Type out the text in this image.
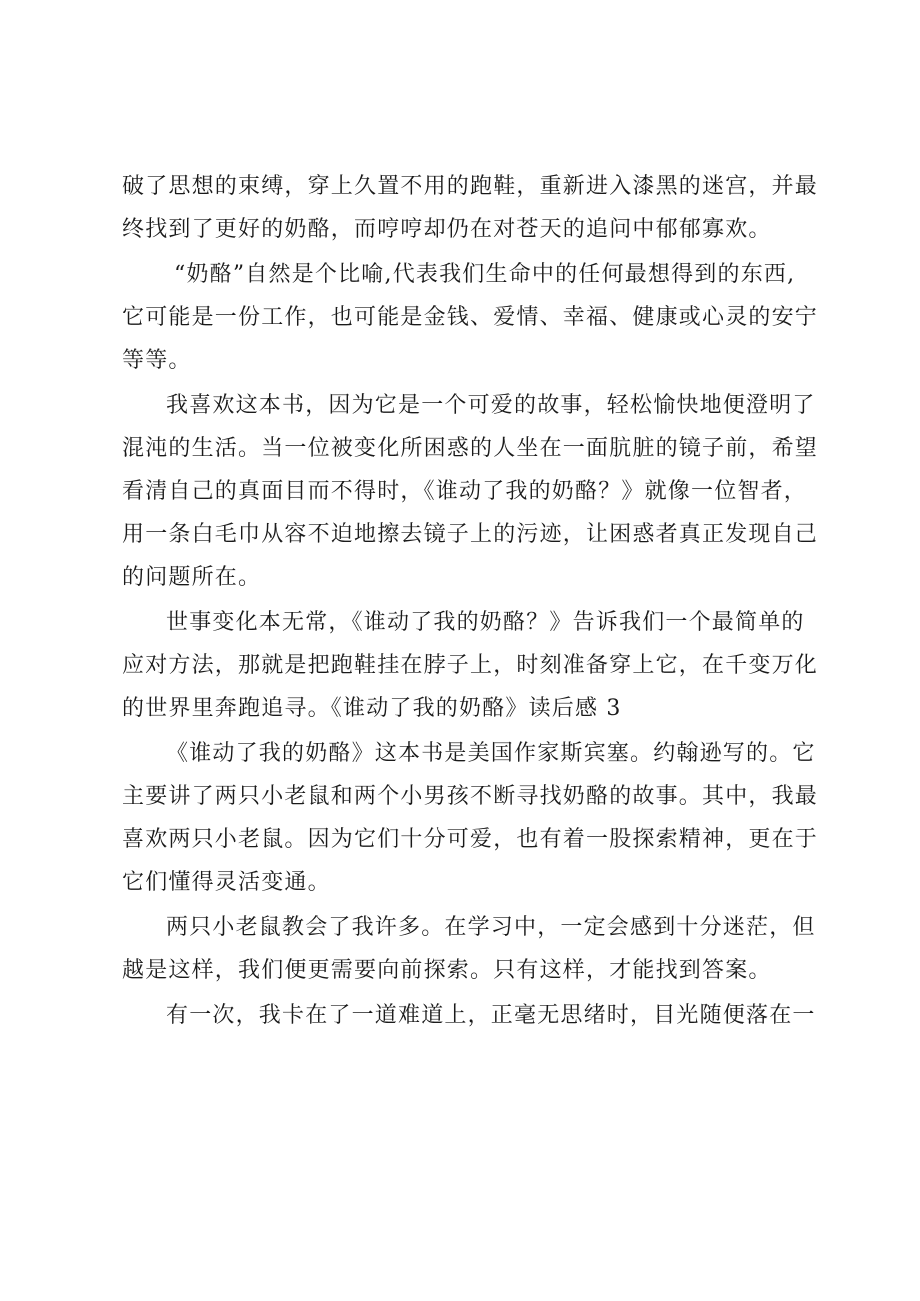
破了思想的束缚，穿上久置不用的跑鞋，重新进入漆黑的迷宫，并最
终找到了更好的奶酪，而哼哼却仍在对苍天的追问中郁郁寡欢。
“奶酪”自然是个比喻,代表我们生命中的任何最想得到的东西,
它可能是一份工作，也可能是金钱、爱情、幸福、健康或心灵的安宁
等等。
我喜欢这本书，因为它是一个可爱的故事，轻松愉快地便澄明了
混沌的生活。当一位被变化所困惑的人坐在一面肮脏的镜子前，希望
看清自己的真面目而不得时，《谁动了我的奶酪？》就像一位智者，
用一条白毛巾从容不迫地擦去镜子上的污迹，让困惑者真正发现自己
的问题所在。
世事变化本无常，《谁动了我的奶酪？》告诉我们一个最简单的
应对方法，那就是把跑鞋挂在脖子上，时刻准备穿上它，在千变万化
的世界里奔跑追寻。《谁动了我的奶酪》读后感 3
《谁动了我的奶酪》这本书是美国作家斯宾塞。约翰逊写的。它
主要讲了两只小老鼠和两个小男孩不断寻找奶酪的故事。其中，我最
喜欢两只小老鼠。因为它们十分可爱，也有着一股探索精神，更在于
它们懂得灵活变通。
两只小老鼠教会了我许多。在学习中，一定会感到十分迷茫，但
越是这样，我们便更需要向前探索。只有这样，才能找到答案。
有一次，我卡在了一道难道上，正毫无思绪时，目光随便落在一
